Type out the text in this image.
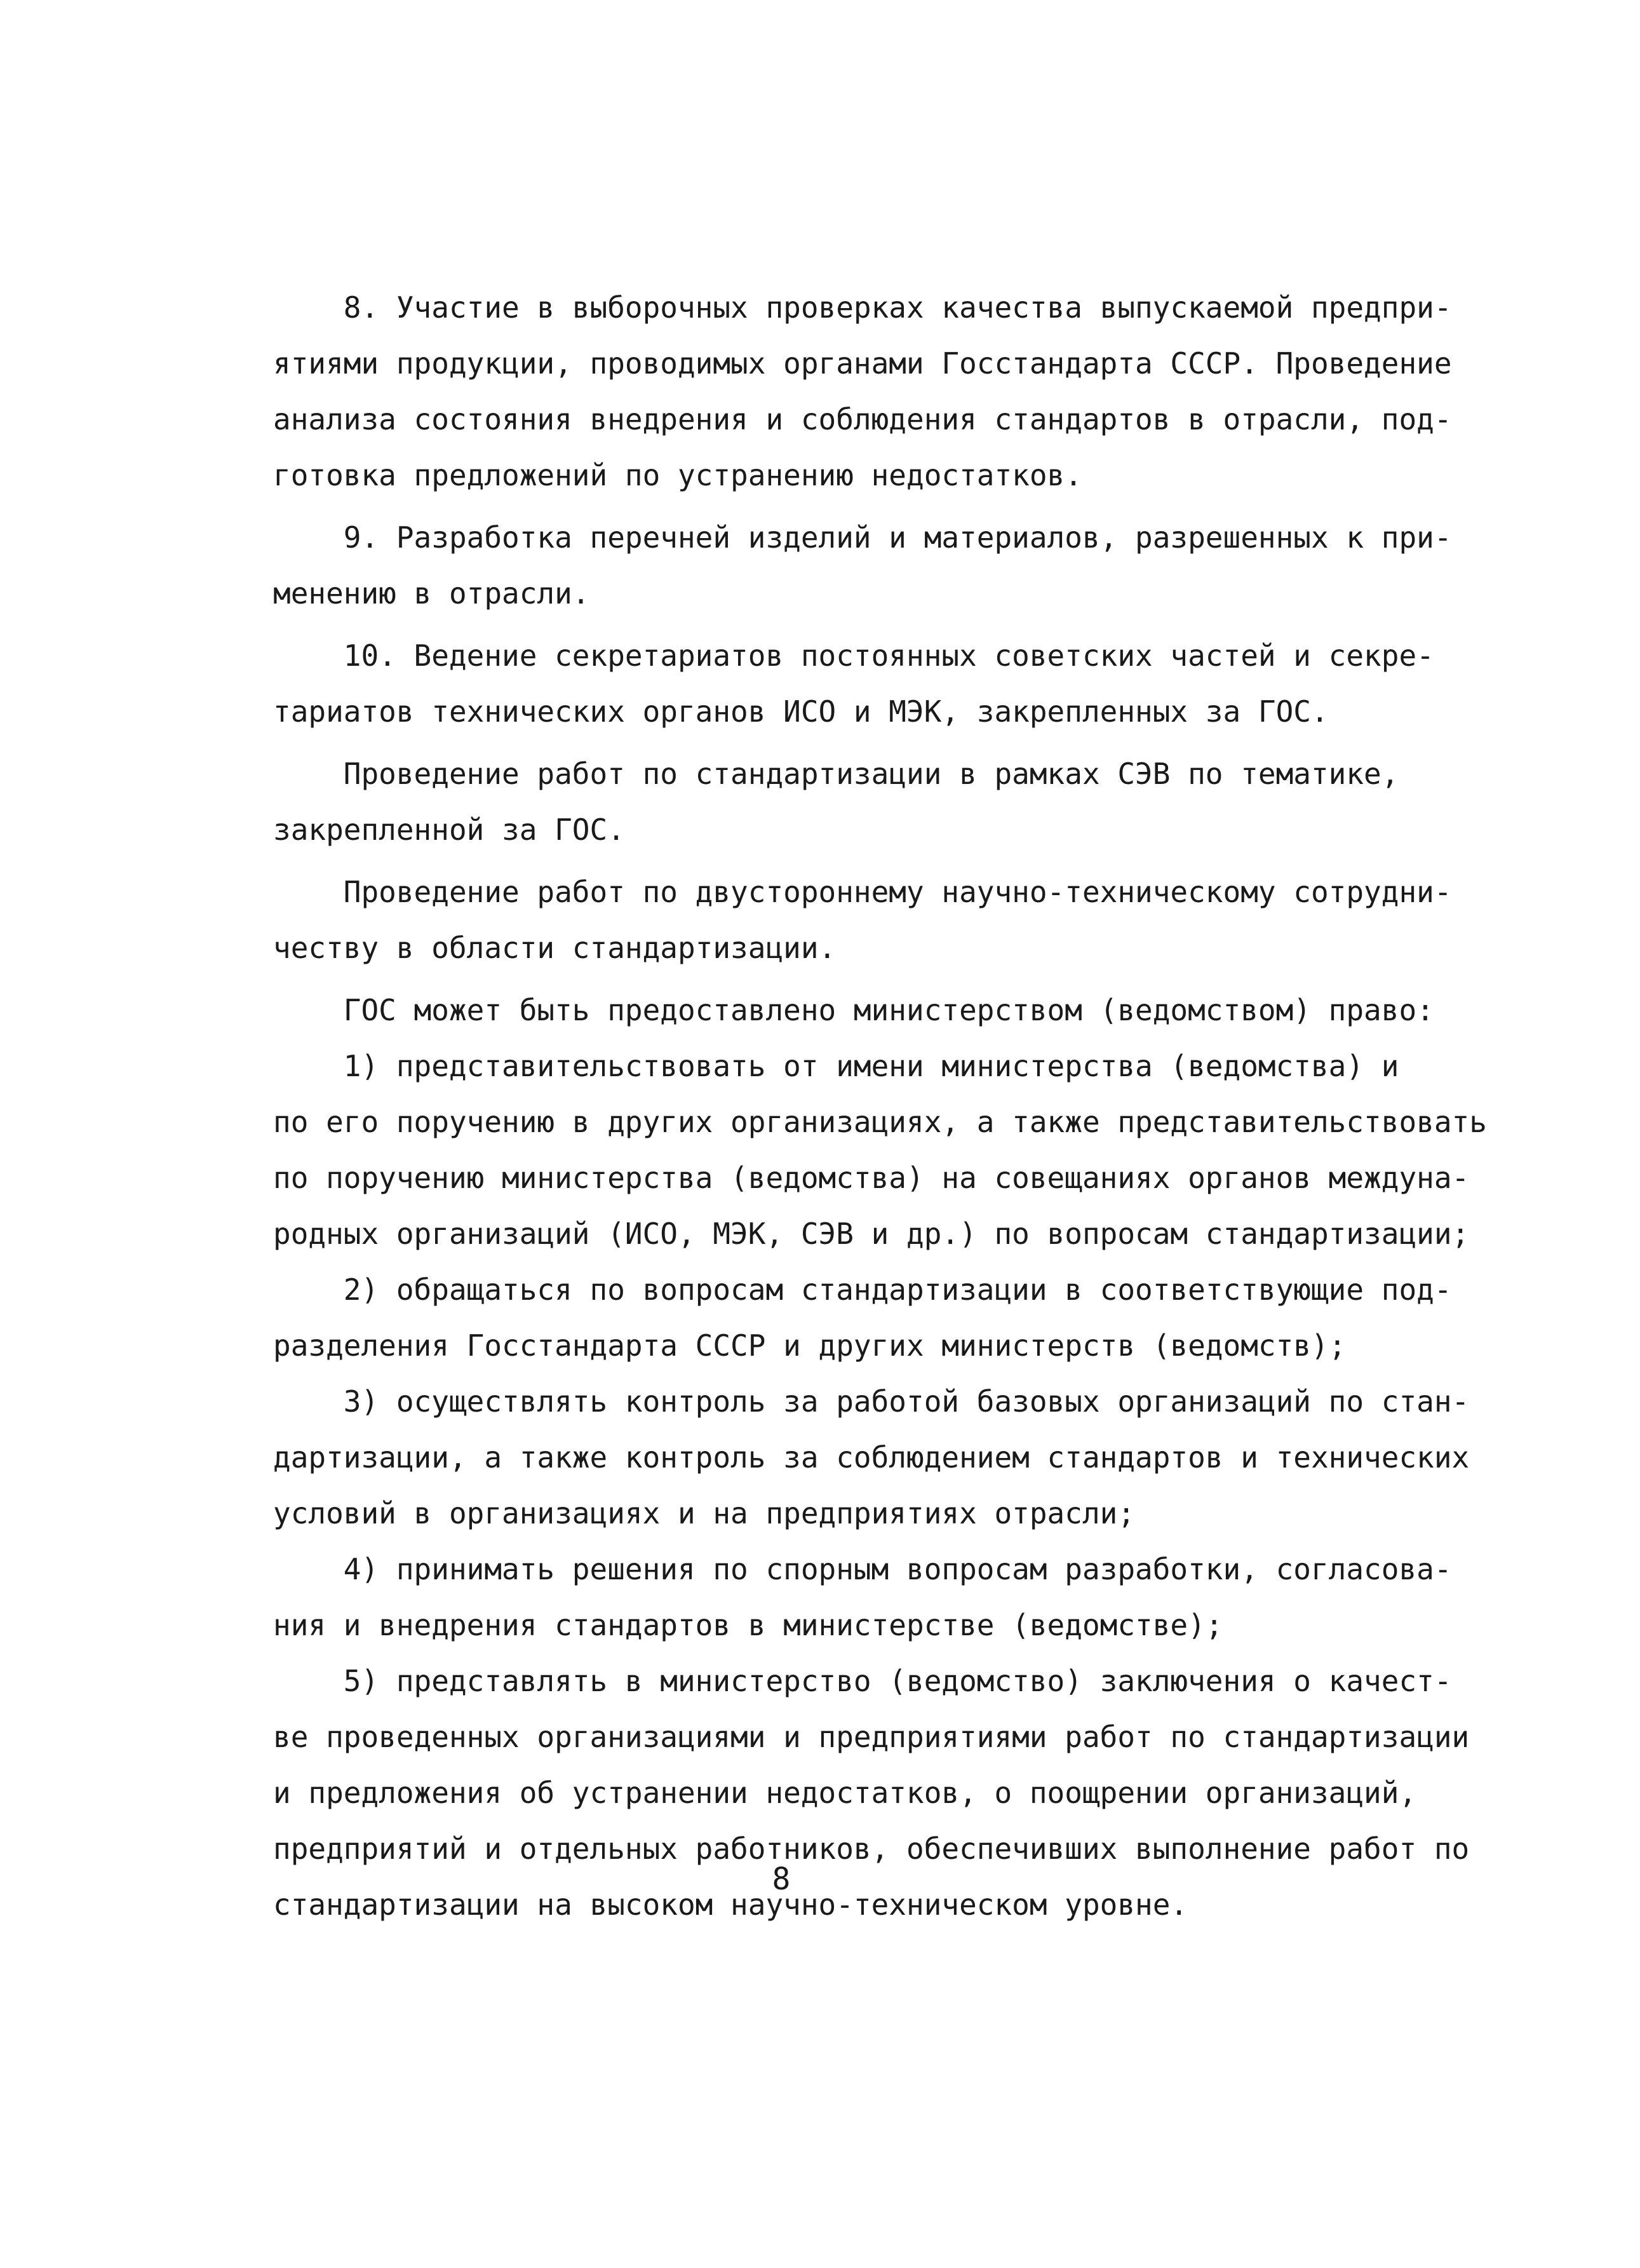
8. Участие в выборочных проверках качества выпускаемой предпри-
ятиями продукции, проводимых органами Госстандарта СССР. Проведение
анализа состояния внедрения и соблюдения стандартов в отрасли, под-
готовка предложений по устранению недостатков.
9. Разработка перечней изделий и материалов, разрешенных к при-
менению в отрасли.
10. Ведение секретариатов постоянных советских частей и секре-
тариатов технических органов ИСО и МЭК, закрепленных за ГОС.
Проведение работ по стандартизации в рамках СЭВ по тематике,
закрепленной за ГОС.
Проведение работ по двустороннему научно-техническому сотрудни-
честву в области стандартизации.
ГОС может быть предоставлено министерством (ведомством) право:
1) представительствовать от имени министерства (ведомства) и
по его поручению в других организациях, а также представительствовать
по поручению министерства (ведомства) на совещаниях органов междуна-
родных организаций (ИСО, МЭК, СЭВ и др.) по вопросам стандартизации;
2) обращаться по вопросам стандартизации в соответствующие под-
разделения Госстандарта СССР и других министерств (ведомств);
3) осуществлять контроль за работой базовых организаций по стан-
дартизации, а также контроль за соблюдением стандартов и технических
условий в организациях и на предприятиях отрасли;
4) принимать решения по спорным вопросам разработки, согласова-
ния и внедрения стандартов в министерстве (ведомстве);
5) представлять в министерство (ведомство) заключения о качест-
ве проведенных организациями и предприятиями работ по стандартизации
и предложения об устранении недостатков, о поощрении организаций,
предприятий и отдельных работников, обеспечивших выполнение работ по
стандартизации на высоком научно-техническом уровне.
8
